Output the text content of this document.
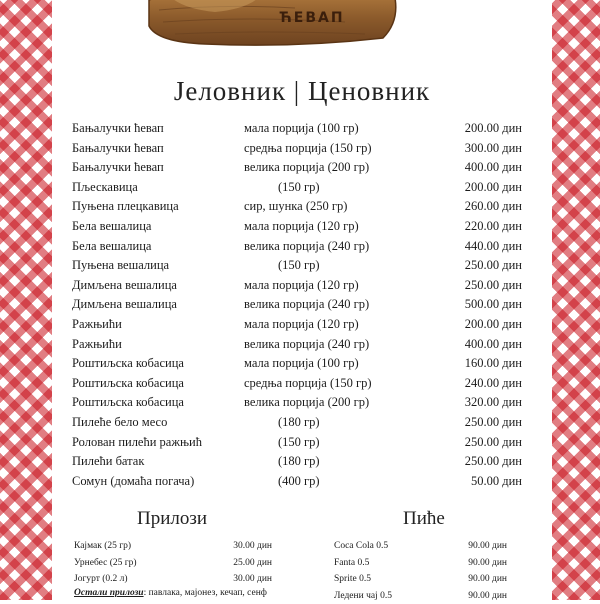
ЋЕВАП
Јеловник | Ценовник
Бањалучки ћевап	мала порција (100 гр)	200.00 дин
Бањалучки ћевап	средња порција (150 гр)	300.00 дин
Бањалучки ћевап	велика порција (200 гр)	400.00 дин
Пљескавица	(150 гр)	200.00 дин
Пуњена плецкавица	сир, шунка (250 гр)	260.00 дин
Бела вешалица	мала порција (120 гр)	220.00 дин
Бела вешалица	велика порција (240 гр)	440.00 дин
Пуњена вешалица	(150 гр)	250.00 дин
Димљена вешалица	мала порција (120 гр)	250.00 дин
Димљена вешалица	велика порција (240 гр)	500.00 дин
Ражњићи	мала порција (120 гр)	200.00 дин
Ражњићи	велика порција (240 гр)	400.00 дин
Роштиљска кобасица	мала порција (100 гр)	160.00 дин
Роштиљска кобасица	средња порција (150 гр)	240.00 дин
Роштиљска кобасица	велика порција (200 гр)	320.00 дин
Пилеће бело месо	(180 гр)	250.00 дин
Ролован пилећи ражњић	(150 гр)	250.00 дин
Пилећи батак	(180 гр)	250.00 дин
Сомун (домаћа погача)	(400 гр)	50.00 дин
Прилози	Пиће
Кајмак (25 гр)	30.00 дин
Урнебес (25 гр)	25.00 дин
Јогурт (0.2 л)	30.00 дин
Coca Cola 0.5	90.00 дин
Fanta 0.5	90.00 дин
Sprite 0.5	90.00 дин
Ледени чај 0.5	90.00 дин
Остали прилози: павлака, мајонез, кечап, сенф
